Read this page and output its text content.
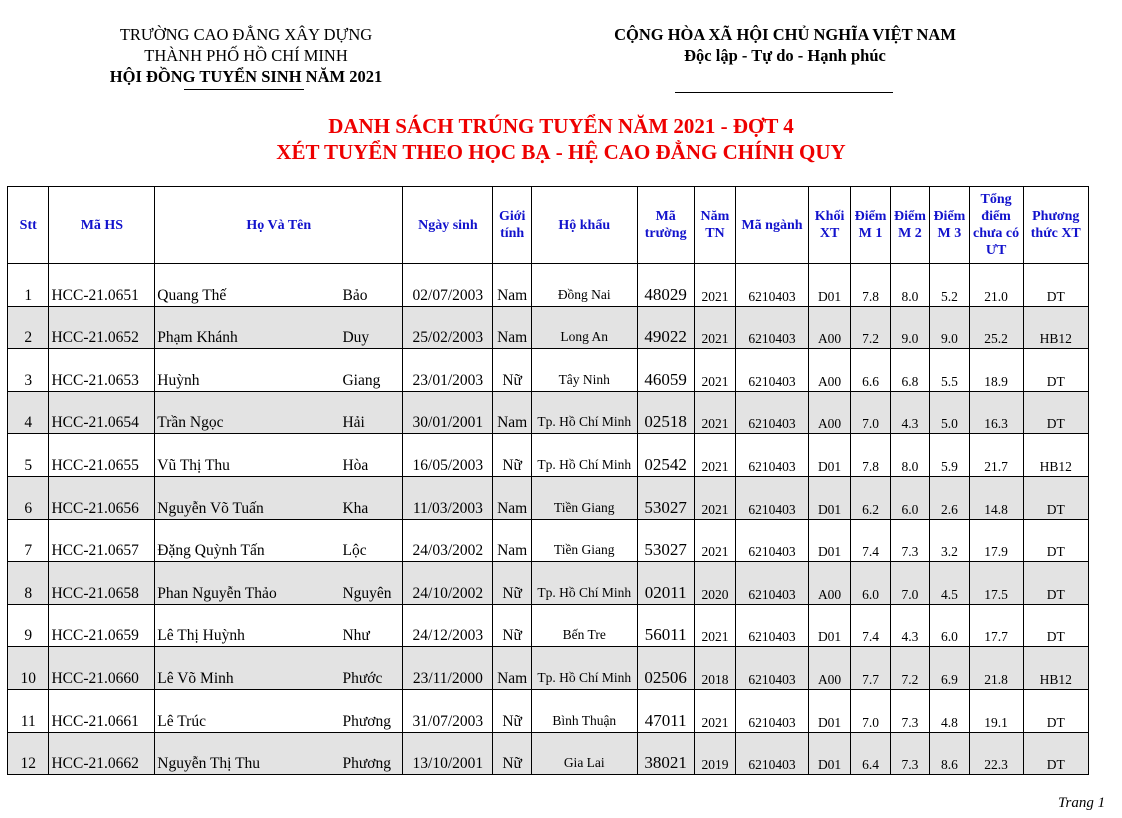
TRƯỜNG CAO ĐẲNG XÂY DỰNG
THÀNH PHỐ HỒ CHÍ MINH
HỘI ĐỒNG TUYỂN SINH NĂM 2021
CỘNG HÒA XÃ HỘI CHỦ NGHĨA VIỆT NAM
Độc lập - Tự do - Hạnh phúc
DANH SÁCH TRÚNG TUYỂN NĂM 2021 - ĐỢT 4
XÉT TUYỂN THEO HỌC BẠ - HỆ CAO ĐẲNG CHÍNH QUY
Stt	Mã HS	Họ Và Tên		Ngày sinh	Giới tính	Hộ khẩu	Mã trường	Năm TN	Mã ngành	Khối XT	Điểm M 1	Điểm M 2	Điểm M 3	Tổng điểm chưa có ƯT	Phương thức XT
1	HCC-21.0651	Quang Thế	Bảo	02/07/2003	Nam	Đồng Nai	48029	2021	6210403	D01	7.8	8.0	5.2	21.0	DT
2	HCC-21.0652	Phạm Khánh	Duy	25/02/2003	Nam	Long An	49022	2021	6210403	A00	7.2	9.0	9.0	25.2	HB12
3	HCC-21.0653	Huỳnh	Giang	23/01/2003	Nữ	Tây Ninh	46059	2021	6210403	A00	6.6	6.8	5.5	18.9	DT
4	HCC-21.0654	Trần Ngọc	Hải	30/01/2001	Nam	Tp. Hồ Chí Minh	02518	2021	6210403	A00	7.0	4.3	5.0	16.3	DT
5	HCC-21.0655	Vũ Thị Thu	Hòa	16/05/2003	Nữ	Tp. Hồ Chí Minh	02542	2021	6210403	D01	7.8	8.0	5.9	21.7	HB12
6	HCC-21.0656	Nguyễn Võ Tuấn	Kha	11/03/2003	Nam	Tiền Giang	53027	2021	6210403	D01	6.2	6.0	2.6	14.8	DT
7	HCC-21.0657	Đặng Quỳnh Tấn	Lộc	24/03/2002	Nam	Tiền Giang	53027	2021	6210403	D01	7.4	7.3	3.2	17.9	DT
8	HCC-21.0658	Phan Nguyễn Thảo	Nguyên	24/10/2002	Nữ	Tp. Hồ Chí Minh	02011	2020	6210403	A00	6.0	7.0	4.5	17.5	DT
9	HCC-21.0659	Lê Thị Huỳnh	Như	24/12/2003	Nữ	Bến Tre	56011	2021	6210403	D01	7.4	4.3	6.0	17.7	DT
10	HCC-21.0660	Lê Võ Minh	Phước	23/11/2000	Nam	Tp. Hồ Chí Minh	02506	2018	6210403	A00	7.7	7.2	6.9	21.8	HB12
11	HCC-21.0661	Lê Trúc	Phương	31/07/2003	Nữ	Bình Thuận	47011	2021	6210403	D01	7.0	7.3	4.8	19.1	DT
12	HCC-21.0662	Nguyễn Thị Thu	Phương	13/10/2001	Nữ	Gia Lai	38021	2019	6210403	D01	6.4	7.3	8.6	22.3	DT
Trang 1
